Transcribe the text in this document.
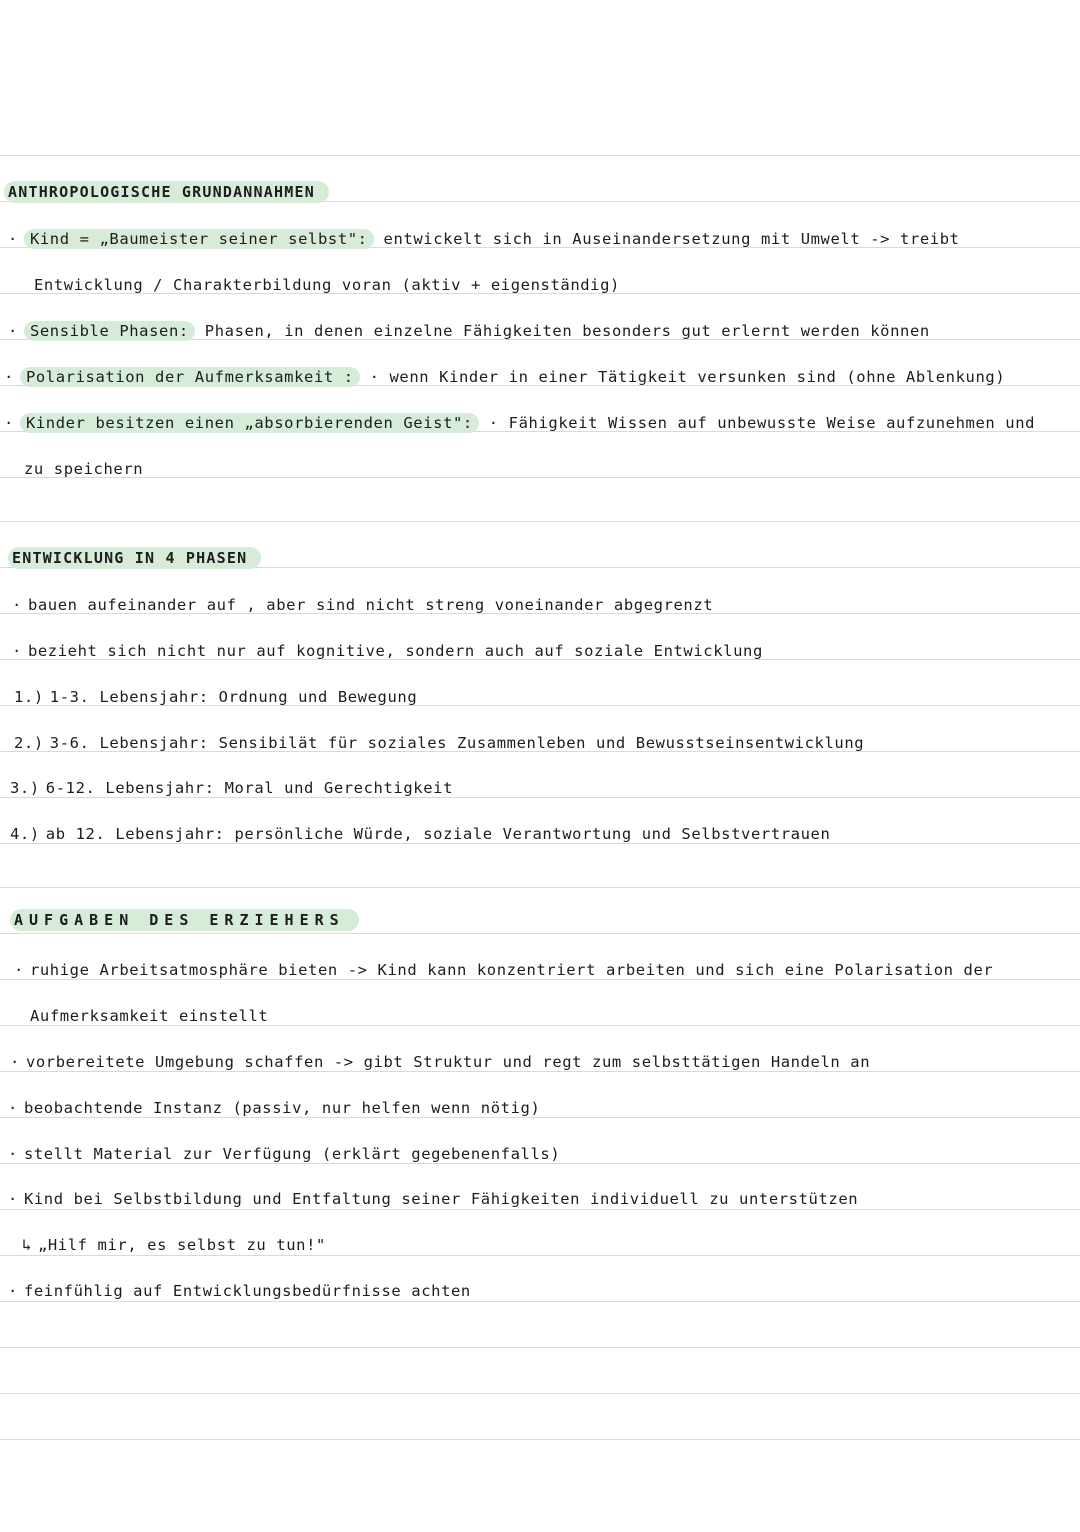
ANTHROPOLOGISCHE GRUNDANNAHMEN
· Kind = „Baumeister seiner selbst": entwickelt sich in Auseinandersetzung mit Umwelt -> treibt
Entwicklung / Charakterbildung voran (aktiv + eigenständig)
· Sensible Phasen: Phasen, in denen einzelne Fähigkeiten besonders gut erlernt werden können
· Polarisation der Aufmerksamkeit : · wenn Kinder in einer Tätigkeit versunken sind (ohne Ablenkung)
· Kinder besitzen einen „absorbierenden Geist": · Fähigkeit Wissen auf unbewusste Weise aufzunehmen und
zu speichern
ENTWICKLUNG IN 4 PHASEN
· bauen aufeinander auf , aber sind nicht streng voneinander abgegrenzt
· bezieht sich nicht nur auf kognitive, sondern auch auf soziale Entwicklung
1.) 1-3. Lebensjahr: Ordnung und Bewegung
2.) 3-6. Lebensjahr: Sensibilät für soziales Zusammenleben und Bewusstseinsentwicklung
3.) 6-12. Lebensjahr: Moral und Gerechtigkeit
4.) ab 12. Lebensjahr: persönliche Würde, soziale Verantwortung und Selbstvertrauen
AUFGABEN DES ERZIEHERS
· ruhige Arbeitsatmosphäre bieten -> Kind kann konzentriert arbeiten und sich eine Polarisation der
Aufmerksamkeit einstellt
· vorbereitete Umgebung schaffen -> gibt Struktur und regt zum selbsttätigen Handeln an
· beobachtende Instanz (passiv, nur helfen wenn nötig)
· stellt Material zur Verfügung (erklärt gegebenenfalls)
· Kind bei Selbstbildung und Entfaltung seiner Fähigkeiten individuell zu unterstützen
↳ „Hilf mir, es selbst zu tun!"
· feinfühlig auf Entwicklungsbedürfnisse achten
